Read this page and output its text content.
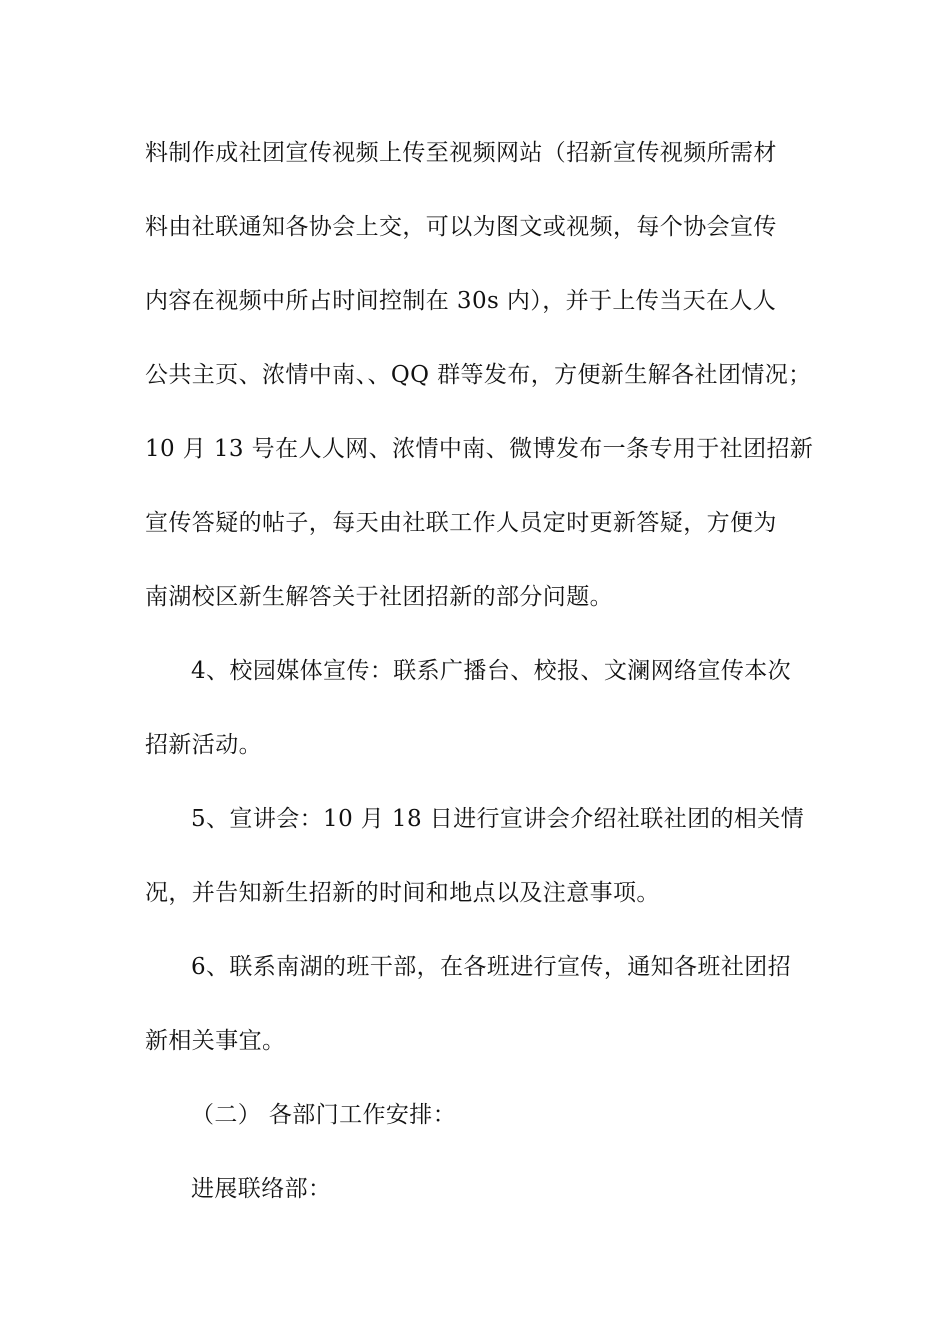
料制作成社团宣传视频上传至视频网站（招新宣传视频所需材
料由社联通知各协会上交，可以为图文或视频，每个协会宣传
内容在视频中所占时间控制在 30s 内），并于上传当天在人人
公共主页、浓情中南、、QQ 群等发布，方便新生解各社团情况；
10 月 13 号在人人网、浓情中南、微博发布一条专用于社团招新
宣传答疑的帖子，每天由社联工作人员定时更新答疑，方便为
南湖校区新生解答关于社团招新的部分问题。
4、校园媒体宣传：联系广播台、校报、文澜网络宣传本次
招新活动。
5、宣讲会：10 月 18 日进行宣讲会介绍社联社团的相关情
况，并告知新生招新的时间和地点以及注意事项。
6、联系南湖的班干部，在各班进行宣传，通知各班社团招
新相关事宜。
（二） 各部门工作安排：
进展联络部：
